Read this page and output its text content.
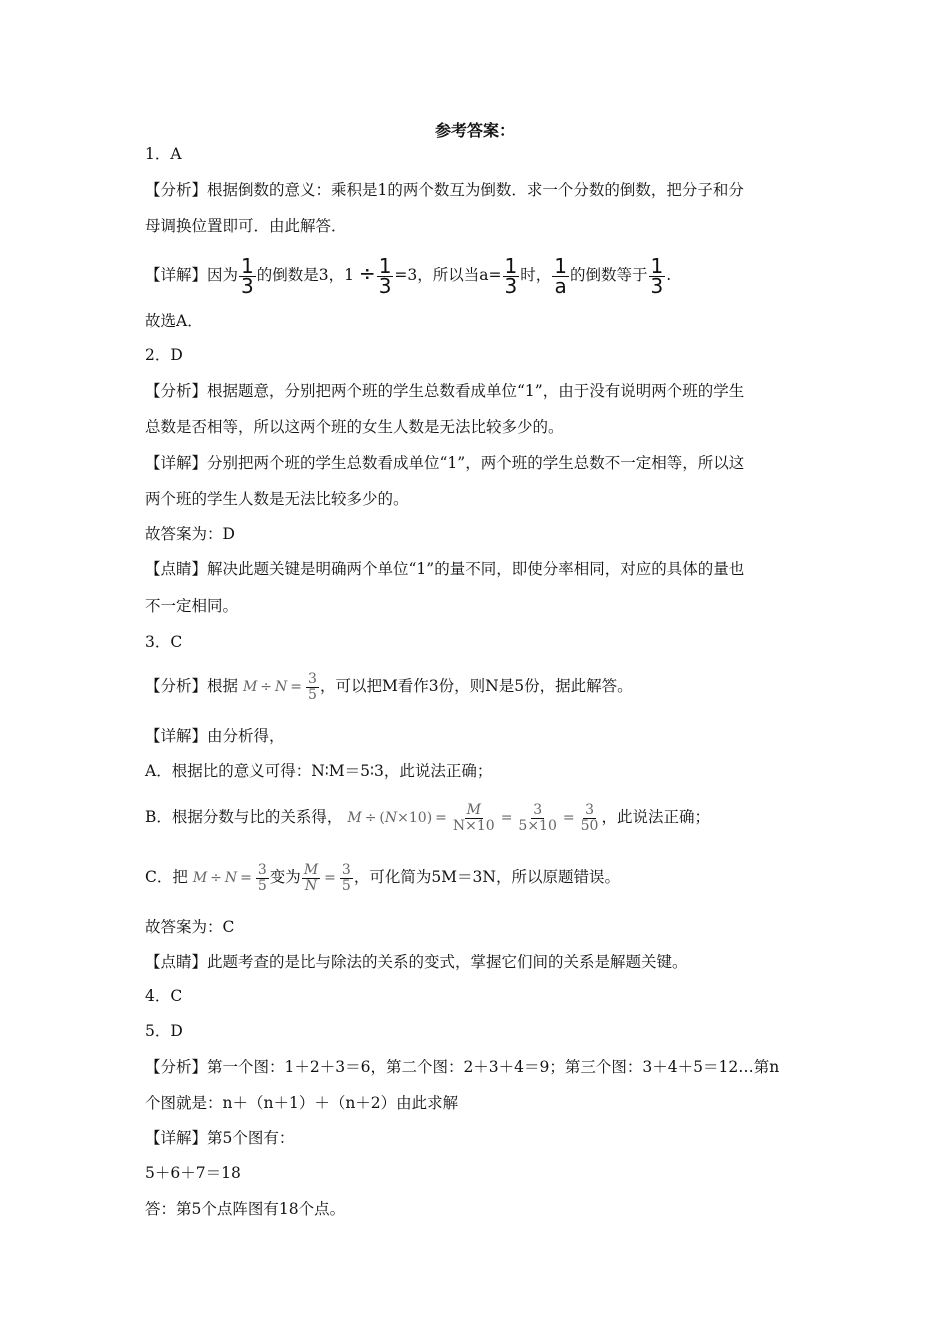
参考答案：
1．A
【分析】根据倒数的意义：乘积是1的两个数互为倒数．求一个分数的倒数，把分子和分
母调换位置即可．由此解答．
【详解】因为 $\frac{1}{3}$ 的倒数是3，$1 \div \frac{1}{3} =3$，所以当$a= \frac{1}{3}$ 时， $\frac{1}{a}$ 的倒数等于 $\frac{1}{3}$ .
故选A．
2．D
【分析】根据题意，分别把两个班的学生总数看成单位“1”，由于没有说明两个班的学生
总数是否相等，所以这两个班的女生人数是无法比较多少的。
【详解】分别把两个班的学生总数看成单位“1”，两个班的学生总数不一定相等，所以这
两个班的学生人数是无法比较多少的。
故答案为：D
【点睛】解决此题关键是明确两个单位“1”的量不同，即使分率相同，对应的具体的量也
不一定相同。
3．C
【分析】根据 $M \div N = \frac{3}{5}$ ，可以把M看作3份，则N是5份，据此解答。
【详解】由分析得，
A．根据比的意义可得：N∶M＝5∶3，此说法正确；
B．根据分数与比的关系得， M ÷ ( N ×10 ) = $\frac{M}{N\times 10} = \frac{3}{5\times 10} = \frac{3}{50}$ ，此说法正确；
C．把 $M \div N = \frac{3}{5}$ 变为 $\frac{M}{N} = \frac{3}{5}$ ，可化简为5M＝3N，所以原题错误。
故答案为：C
【点睛】此题考查的是比与除法的关系的变式，掌握它们间的关系是解题关键。
4．C
5．D
【分析】第一个图：1＋2＋3＝6，第二个图：2＋3＋4＝9；第三个图：3＋4＋5＝12…第n
个图就是：n＋（n＋1）＋（n＋2）由此求解
【详解】第5个图有：
5＋6＋7＝18
答：第5个点阵图有18个点。
